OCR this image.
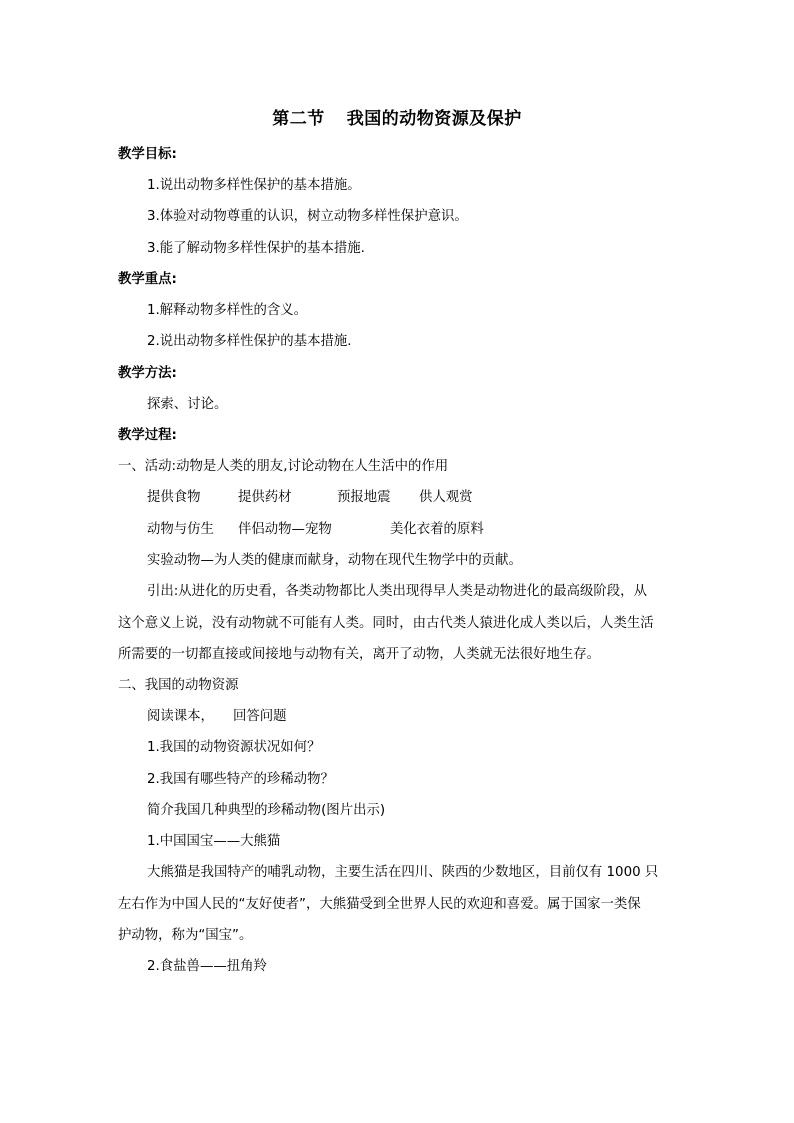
第二节 我国的动物资源及保护
教学目标:
1.说出动物多样性保护的基本措施。
3.体验对动物尊重的认识，树立动物多样性保护意识。
3.能了解动物多样性保护的基本措施.
教学重点:
1.解释动物多样性的含义。
2.说出动物多样性保护的基本措施.
教学方法:
探索、讨论。
教学过程:
一、活动:动物是人类的朋友,讨论动物在人生活中的作用
提供食物	提供药材	预报地震 供人观赏
动物与仿生 伴侣动物—宠物	美化衣着的原料
实验动物—为人类的健康而献身，动物在现代生物学中的贡献。
引出:从进化的历史看，各类动物都比人类出现得早人类是动物进化的最高级阶段，从
这个意义上说，没有动物就不可能有人类。同时，由古代类人猿进化成人类以后，人类生活
所需要的一切都直接或间接地与动物有关，离开了动物，人类就无法很好地生存。
二、我国的动物资源
阅读课本， 回答问题
1.我国的动物资源状况如何？
2.我国有哪些特产的珍稀动物？
简介我国几种典型的珍稀动物(图片出示)
1.中国国宝——大熊猫
大熊猫是我国特产的哺乳动物，主要生活在四川、陕西的少数地区，目前仅有 1000 只
左右作为中国人民的“友好使者”，大熊猫受到全世界人民的欢迎和喜爱。属于国家一类保
护动物，称为“国宝”。
2.食盐兽——扭角羚
